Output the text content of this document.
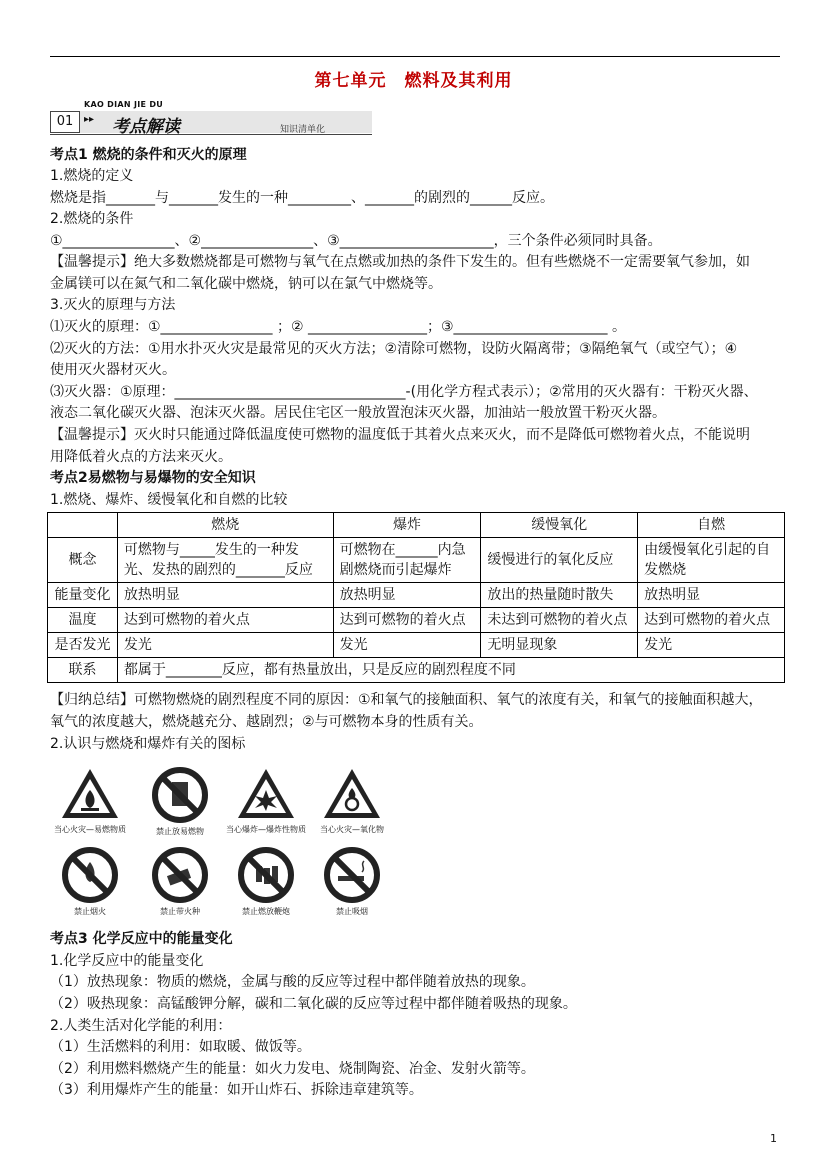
第七单元　燃料及其利用
KAO DIAN JIE DU
01	▸▸ 考点解读	知识清单化
考点1 燃烧的条件和灭火的原理
1.燃烧的定义
燃烧是指_______与_______发生的一种_________、_______的剧烈的______反应。
2.燃烧的条件
①________________、②________________、③______________________，三个条件必须同时具备。
【温馨提示】绝大多数燃烧都是可燃物与氧气在点燃或加热的条件下发生的。但有些燃烧不一定需要氧气参加，如
金属镁可以在氮气和二氧化碳中燃烧，钠可以在氯气中燃烧等。
3.灭火的原理与方法
⑴灭火的原理：①________________ ；② _________________；③______________________ 。
⑵灭火的方法：①用水扑灭火灾是最常见的灭火方法；②清除可燃物，设防火隔离带；③隔绝氧气（或空气）；④
使用灭火器材灭火。
⑶灭火器：①原理：_________________________________-(用化学方程式表示）；②常用的灭火器有：干粉灭火器、
液态二氧化碳灭火器、泡沫灭火器。居民住宅区一般放置泡沫灭火器，加油站一般放置干粉灭火器。
【温馨提示】灭火时只能通过降低温度使可燃物的温度低于其着火点来灭火，而不是降低可燃物着火点，不能说明
用降低着火点的方法来灭火。
考点2易燃物与易爆物的安全知识
1.燃烧、爆炸、缓慢氧化和自燃的比较
	燃烧	爆炸	缓慢氧化	自燃
概念	可燃物与_____发生的一种发光、发热的剧烈的_______反应	可燃物在______内急剧燃烧而引起爆炸	缓慢进行的氧化反应	由缓慢氧化引起的自发燃烧
能量变化	放热明显	放热明显	放出的热量随时散失	放热明显
温度	达到可燃物的着火点	达到可燃物的着火点	未达到可燃物的着火点	达到可燃物的着火点
是否发光	发光	发光	无明显现象	发光
联系	都属于________反应，都有热量放出，只是反应的剧烈程度不同			
【归纳总结】可燃物燃烧的剧烈程度不同的原因：①和氧气的接触面积、氧气的浓度有关，和氧气的接触面积越大，
氧气的浓度越大，燃烧越充分、越剧烈；②与可燃物本身的性质有关。
2.认识与燃烧和爆炸有关的图标
当心火灾—易燃物质	禁止放易燃物	当心爆炸—爆炸性物质	当心火灾—氧化物
禁止烟火	禁止带火种	禁止燃放鞭炮	禁止吸烟
考点3 化学反应中的能量变化
1.化学反应中的能量变化
（1）放热现象：物质的燃烧，金属与酸的反应等过程中都伴随着放热的现象。
（2）吸热现象：高锰酸钾分解，碳和二氧化碳的反应等过程中都伴随着吸热的现象。
2.人类生活对化学能的利用：
（1）生活燃料的利用：如取暖、做饭等。
（2）利用燃料燃烧产生的能量：如火力发电、烧制陶瓷、冶金、发射火箭等。
（3）利用爆炸产生的能量：如开山炸石、拆除违章建筑等。
1
